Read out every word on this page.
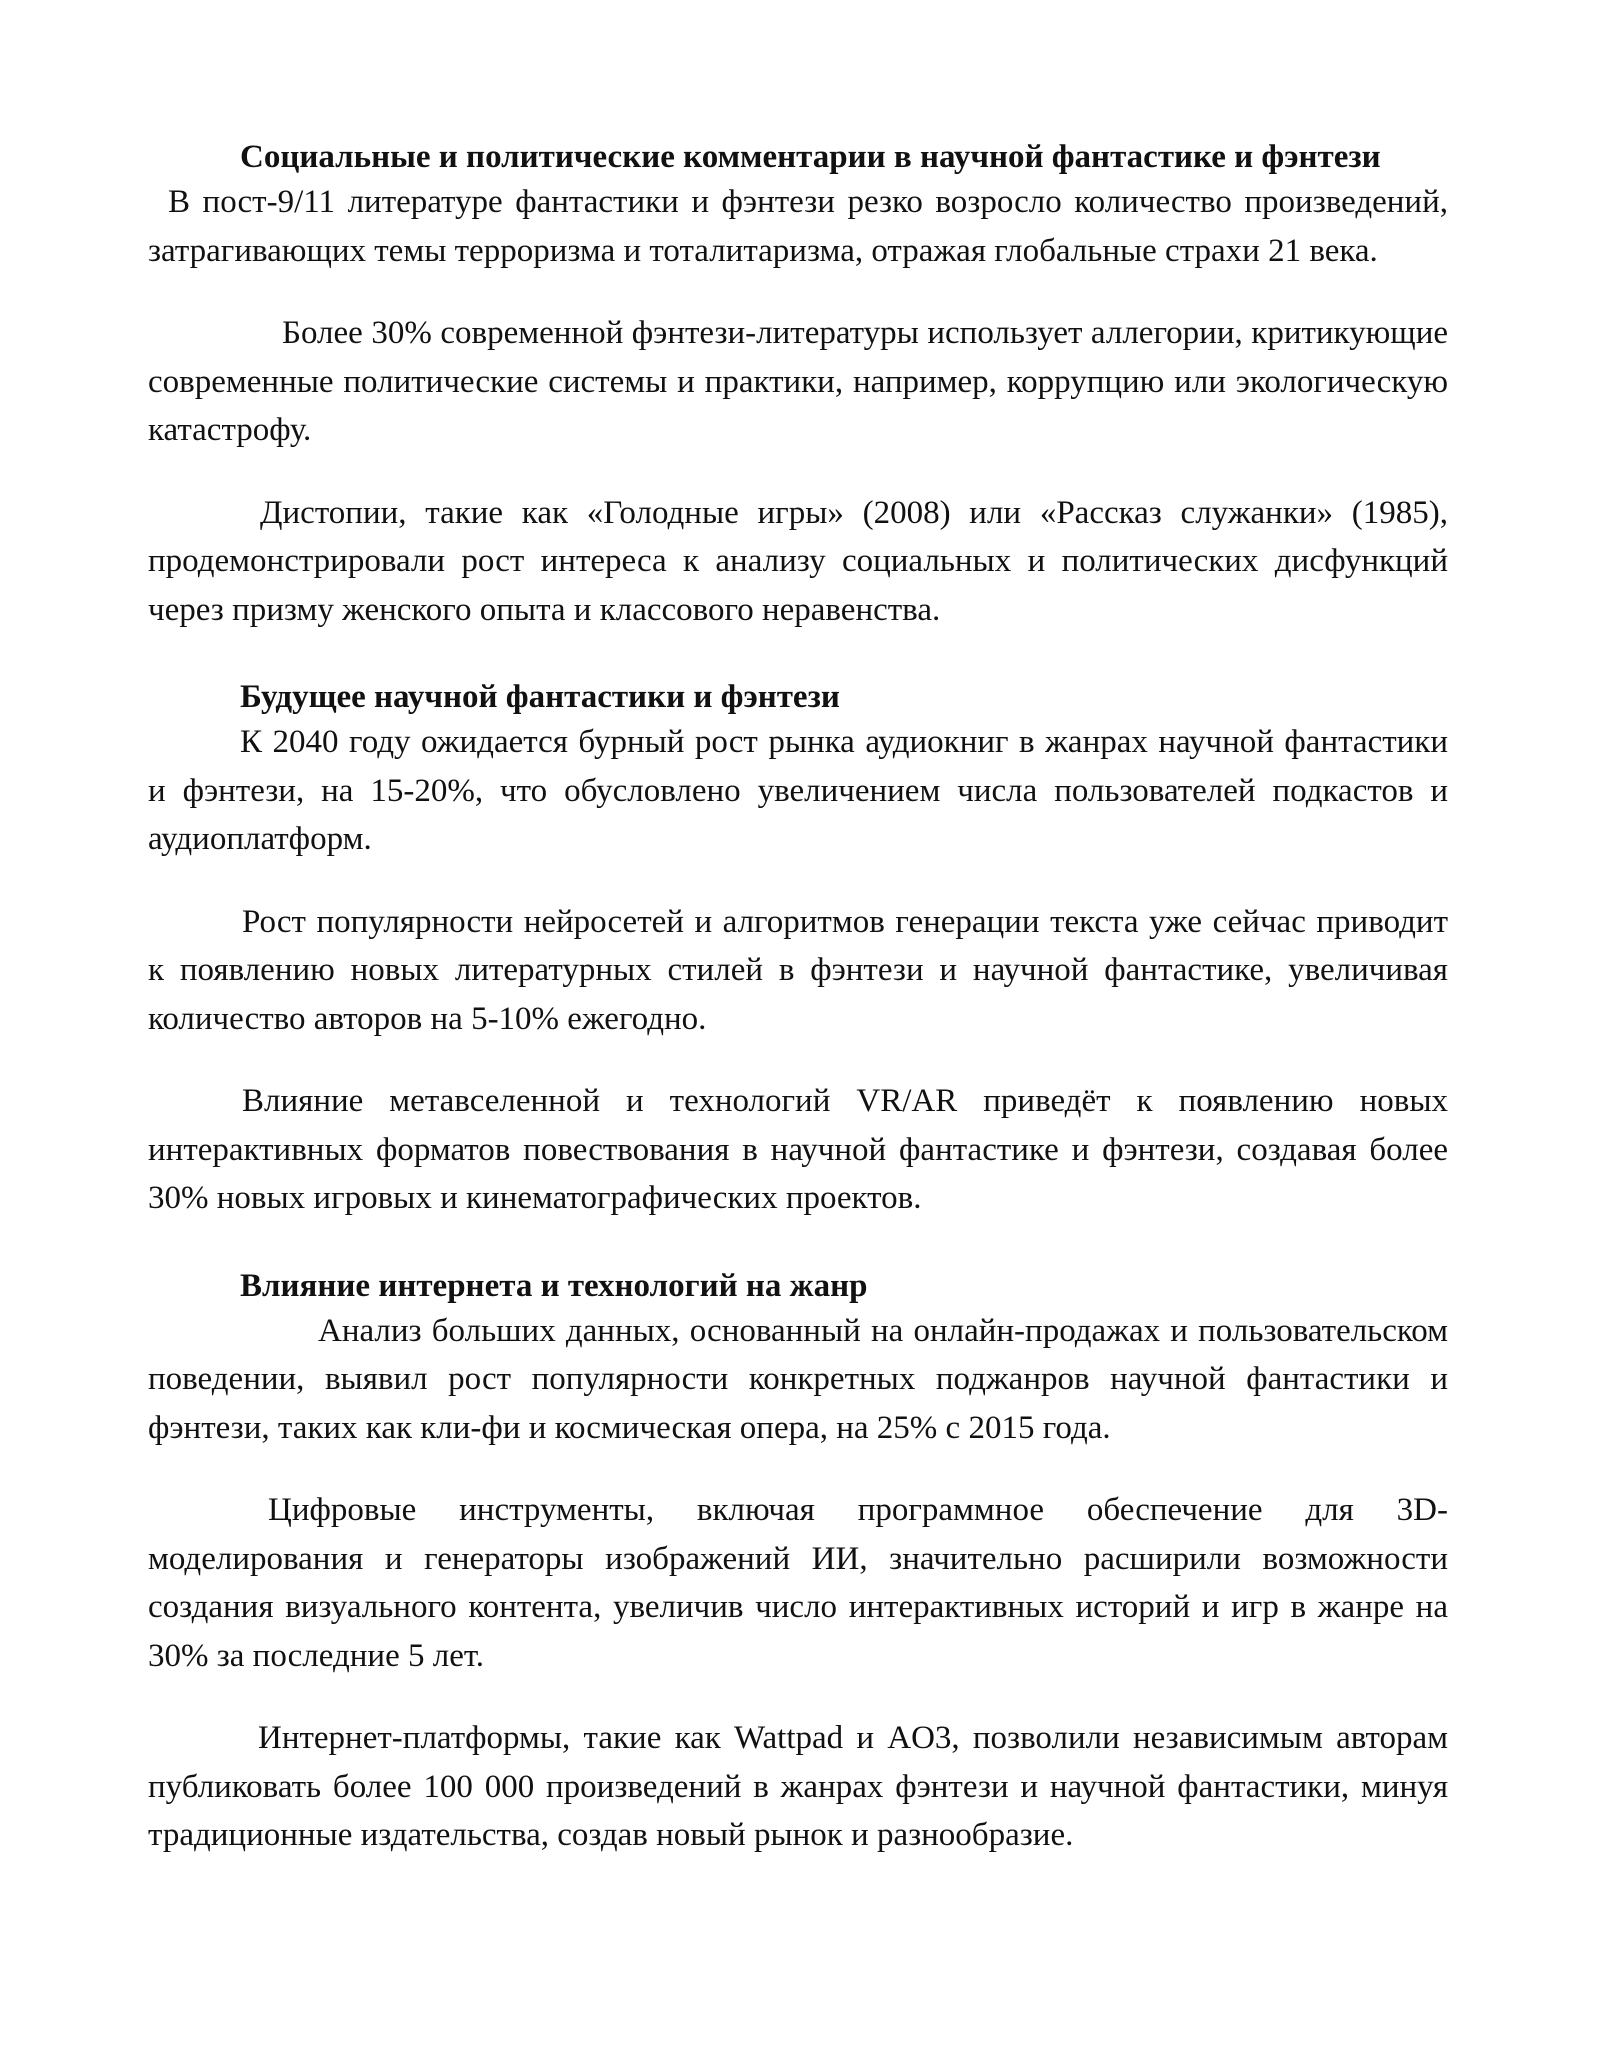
Социальные и политические комментарии в научной фантастике и фэнтези

В пост-9/11 литературе фантастики и фэнтези резко возросло количество произведений, затрагивающих темы терроризма и тоталитаризма, отражая глобальные страхи 21 века.

Более 30% современной фэнтези-литературы использует аллегории, критикующие современные политические системы и практики, например, коррупцию или экологическую катастрофу.

Дистопии, такие как «Голодные игры» (2008) или «Рассказ служанки» (1985), продемонстрировали рост интереса к анализу социальных и политических дисфункций через призму женского опыта и классового неравенства.

Будущее научной фантастики и фэнтези

К 2040 году ожидается бурный рост рынка аудиокниг в жанрах научной фантастики и фэнтези, на 15-20%, что обусловлено увеличением числа пользователей подкастов и аудиоплатформ.

Рост популярности нейросетей и алгоритмов генерации текста уже сейчас приводит к появлению новых литературных стилей в фэнтези и научной фантастике, увеличивая количество авторов на 5-10% ежегодно.

Влияние метавселенной и технологий VR/AR приведёт к появлению новых интерактивных форматов повествования в научной фантастике и фэнтези, создавая более 30% новых игровых и кинематографических проектов.

Влияние интернета и технологий на жанр

Анализ больших данных, основанный на онлайн-продажах и пользовательском поведении, выявил рост популярности конкретных поджанров научной фантастики и фэнтези, таких как кли-фи и космическая опера, на 25% с 2015 года.

Цифровые инструменты, включая программное обеспечение для 3D-моделирования и генераторы изображений ИИ, значительно расширили возможности создания визуального контента, увеличив число интерактивных историй и игр в жанре на 30% за последние 5 лет.

Интернет-платформы, такие как Wattpad и AO3, позволили независимым авторам публиковать более 100 000 произведений в жанрах фэнтези и научной фантастики, минуя традиционные издательства, создав новый рынок и разнообразие.
